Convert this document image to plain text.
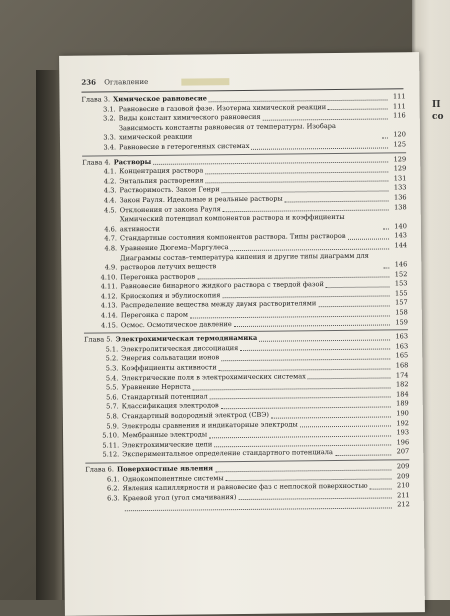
П
со
236 Оглавление
Глава 3. Химическое равновесие	111
3.1. Равновесие в газовой фазе. Изотерма химической реакции	111
3.2. Виды констант химического равновесия	116
3.3.
Зависимость константы равновесия от температуры. Изобара химической реакции	120
3.4. Равновесие в гетерогенных системах	125
Глава 4. Растворы	129
4.1. Концентрация раствора	129
4.2. Энтальпия растворения	131
4.3. Растворимость. Закон Генри	133
4.4. Закон Рауля. Идеальные и реальные растворы	136
4.5. Отклонения от закона Рауля	138
4.6.
Химический потенциал компонентов раствора и коэффициенты активности	140
4.7. Стандартные состояния компонентов раствора. Типы растворов	143
4.8. Уравнение Дюгема–Маргулеса	144
4.9.
Диаграммы состав–температура кипения и другие типы диаграмм для растворов летучих веществ	146
4.10. Перегонка растворов	152
4.11. Равновесие бинарного жидкого раствора с твердой фазой	153
4.12. Криоскопия и эбулиоскопия	155
4.13. Распределение вещества между двумя растворителями	157
4.14. Перегонка с паром	158
4.15. Осмос. Осмотическое давление	159
Глава 5. Электрохимическая термодинамика	163
5.1. Электролитическая диссоциация	163
5.2. Энергия сольватации ионов	165
5.3. Коэффициенты активности	168
5.4. Электрические поля в электрохимических системах	174
5.5. Уравнение Нернста	182
5.6. Стандартный потенциал	184
5.7. Классификация электродов	189
5.8. Стандартный водородный электрод (СВЭ)	190
5.9. Электроды сравнения и индикаторные электроды	192
5.10. Мембранные электроды	193
5.11. Электрохимические цепи	196
5.12. Экспериментальное определение стандартного потенциала	207
Глава 6. Поверхностные явления	209
6.1. Однокомпонентные системы	209
6.2. Явления капиллярности и равновесие фаз с неплоской поверхностью	210
6.3. Краевой угол (угол смачивания)	211
212
